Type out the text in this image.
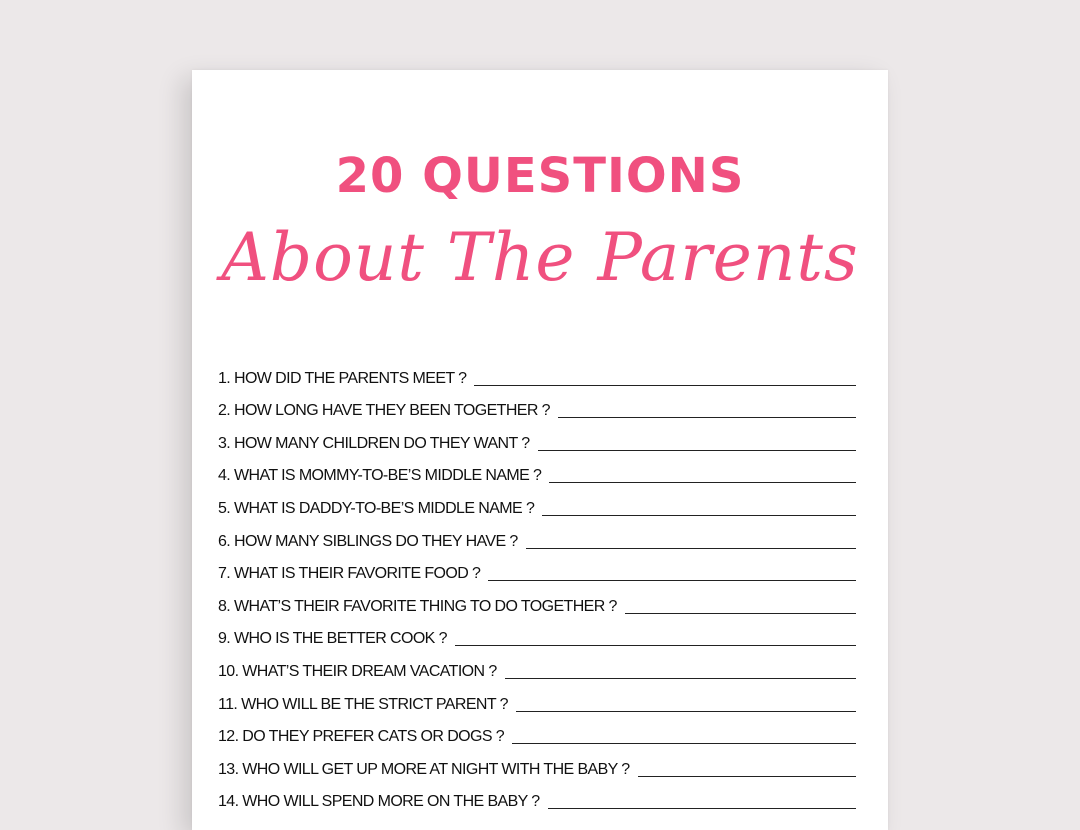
20 QUESTIONS
About The Parents
1. HOW DID THE PARENTS MEET ?
2. HOW LONG HAVE THEY BEEN TOGETHER ?
3. HOW MANY CHILDREN DO THEY WANT ?
4. WHAT IS MOMMY-TO-BE’S MIDDLE NAME ?
5. WHAT IS DADDY-TO-BE’S MIDDLE NAME ?
6. HOW MANY SIBLINGS DO THEY HAVE ?
7. WHAT IS THEIR FAVORITE FOOD ?
8. WHAT’S THEIR FAVORITE THING TO DO TOGETHER ?
9. WHO IS THE BETTER COOK ?
10. WHAT’S THEIR DREAM VACATION ?
11. WHO WILL BE THE STRICT PARENT ?
12. DO THEY PREFER CATS OR DOGS ?
13. WHO WILL GET UP MORE AT NIGHT WITH THE BABY ?
14. WHO WILL SPEND MORE ON THE BABY ?
